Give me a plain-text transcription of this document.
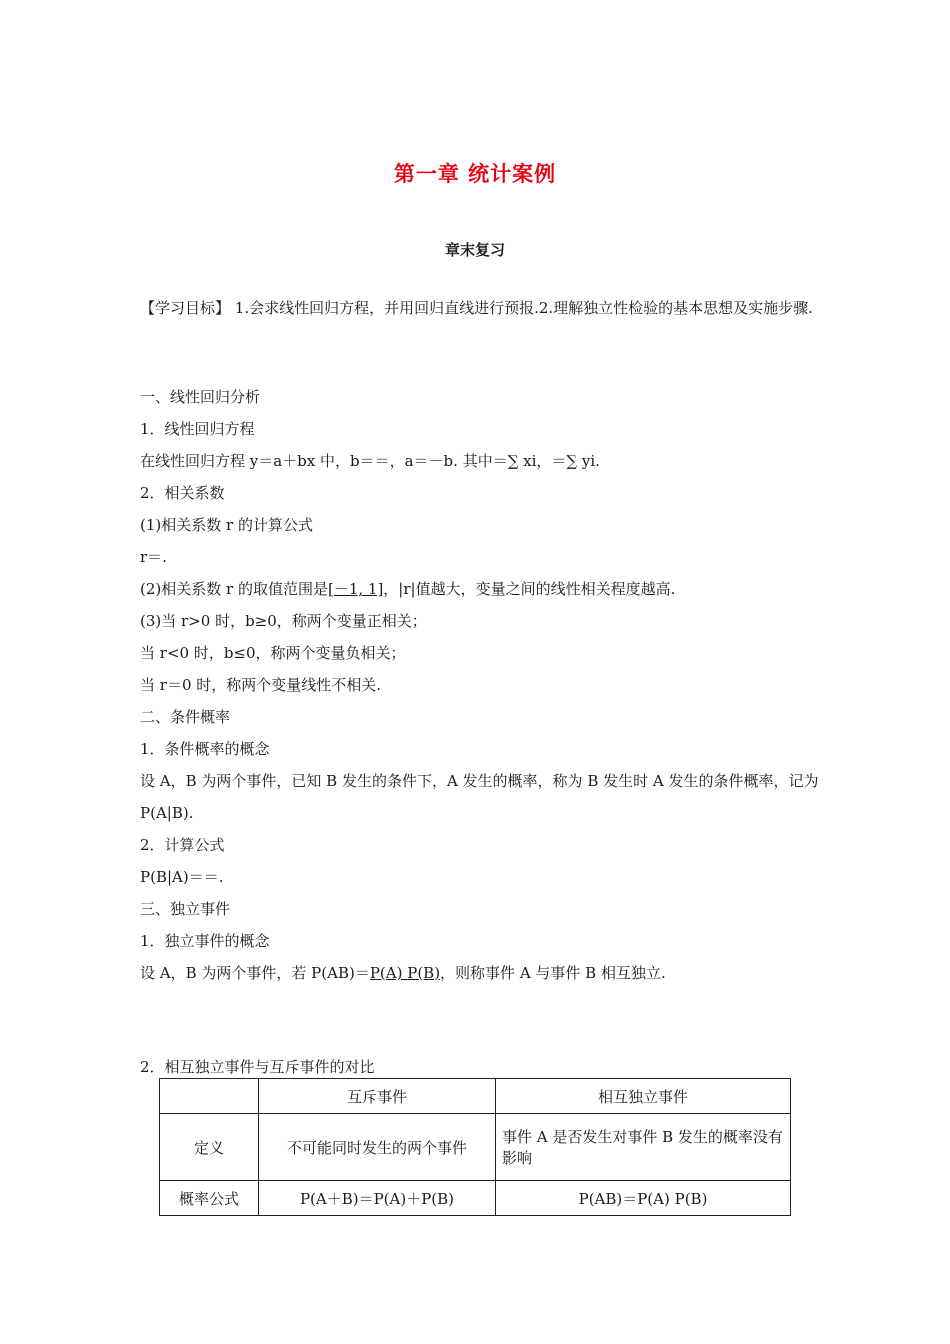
第一章 统计案例
章末复习
【学习目标】 1.会求线性回归方程，并用回归直线进行预报.2.理解独立性检验的基本思想及实施步骤.
一、线性回归分析
1．线性回归方程
在线性回归方程 y＝a＋bx 中，b＝＝，a＝－b. 其中＝∑ xi，＝∑ yi.
2．相关系数
(1)相关系数 r 的计算公式
r＝.
(2)相关系数 r 的取值范围是[－1, 1]，|r|值越大，变量之间的线性相关程度越高.
(3)当 r>0 时，b≥0，称两个变量正相关；
当 r<0 时，b≤0，称两个变量负相关；
当 r＝0 时，称两个变量线性不相关.
二、条件概率
1．条件概率的概念
设 A，B 为两个事件，已知 B 发生的条件下，A 发生的概率，称为 B 发生时 A 发生的条件概率，记为 P(A|B).
2．计算公式
P(B|A)＝＝.
三、独立事件
1．独立事件的概念
设 A，B 为两个事件，若 P(AB)＝P(A) P(B)，则称事件 A 与事件 B 相互独立.
2．相互独立事件与互斥事件的对比
	互斥事件	相互独立事件
定义	不可能同时发生的两个事件	事件 A 是否发生对事件 B 发生的概率没有影响
概率公式	P(A＋B)＝P(A)＋P(B)	P(AB)＝P(A) P(B)
